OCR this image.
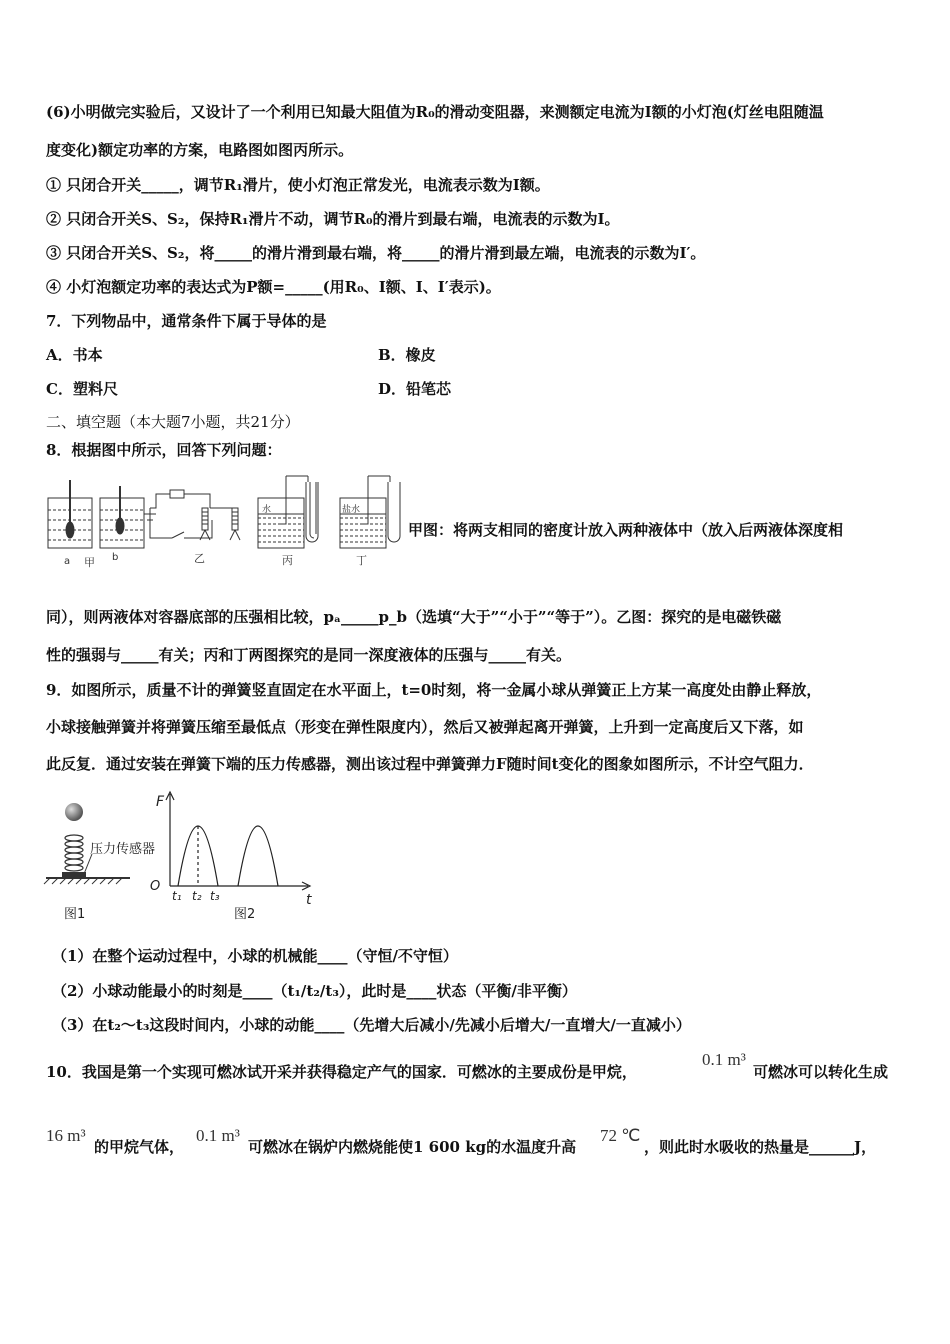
(6)小明做完实验后，又设计了一个利用已知最大阻值为R₀的滑动变阻器，来测额定电流为I额的小灯泡(灯丝电阻随温
度变化)额定功率的方案，电路图如图丙所示。
① 只闭合开关_____，调节R₁滑片，使小灯泡正常发光，电流表示数为I额。
② 只闭合开关S、S₂，保持R₁滑片不动，调节R₀的滑片到最右端，电流表的示数为I。
③ 只闭合开关S、S₂，将_____的滑片滑到最右端，将_____的滑片滑到最左端，电流表的示数为I′。
④ 小灯泡额定功率的表达式为P额=_____(用R₀、I额、I、I′表示)。
7．下列物品中，通常条件下属于导体的是
A．书本	B．橡皮
C．塑料尺	D．铅笔芯
二、填空题（本大题7小题，共21分）
8．根据图中所示，回答下列问题：
a 甲 b	乙	丙
水
丁
盐水
甲图：将两支相同的密度计放入两种液体中（放入后两液体深度相
同），则两液体对容器底部的压强相比较，pₐ_____p_b（选填“大于”“小于”“等于”）。乙图：探究的是电磁铁磁
性的强弱与_____有关；丙和丁两图探究的是同一深度液体的压强与_____有关。
9．如图所示，质量不计的弹簧竖直固定在水平面上，t=0时刻，将一金属小球从弹簧正上方某一高度处由静止释放，
小球接触弹簧并将弹簧压缩至最低点（形变在弹性限度内），然后又被弹起离开弹簧，上升到一定高度后又下落，如
此反复．通过安装在弹簧下端的压力传感器，测出该过程中弹簧弹力F随时间t变化的图象如图所示，不计空气阻力．
压力传感器
图1
F
t
O
t₁ t₂ t₃
图2
（1）在整个运动过程中，小球的机械能____（守恒/不守恒）
（2）小球动能最小的时刻是____（t₁/t₂/t₃），此时是____状态（平衡/非平衡）
（3）在t₂～t₃这段时间内，小球的动能____（先增大后减小/先减小后增大/一直增大/一直减小）
10．我国是第一个实现可燃冰试开采并获得稳定产气的国家．可燃冰的主要成份是甲烷，
0.1 m³
可燃冰可以转化生成
16 m³
的甲烷气体，
0.1 m³
可燃冰在锅炉内燃烧能使1 600 kg的水温度升高
72 ℃
，则此时水吸收的热量是______J，
